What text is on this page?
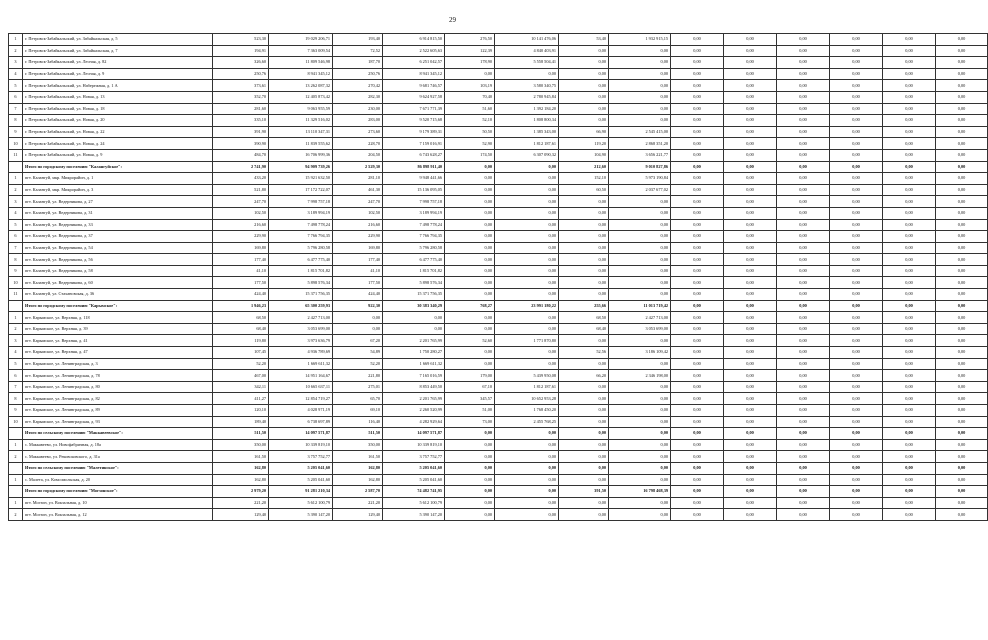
29
1	г. Петровск-Забайкальский, ул. Забайкальская, д. 5	523,30	19 029 206,71	193,40	6 914 815,50	276,50	10 141 476,06	53,40	1 932 915,15	0,00	0,00	0,00	0,00	0,00	0,00
2	г. Петровск-Забайкальский, ул. Забайкальская, д. 7	194,91	7 363 009,54	72,52	2 522 605,63	122,39	4 840 403,91	0,00	0,00	0,00	0,00	0,00	0,00	0,00	0,00
3	г. Петровск-Забайкальский, ул. Лесная, д. 82	326,60	11 809 546,98	187,70	6 251 042,57	178,90	5 558 504,41	0,00	0,00	0,00	0,00	0,00	0,00	0,00	0,00
4	г. Петровск-Забайкальский, ул. Лесная, д. 9	250,76	8 941 345,12	250,76	8 941 345,12	0,00	0,00	0,00	0,00	0,00	0,00	0,00	0,00	0,00	0,00
5	г. Петровск-Забайкальский, ул. Набережная, д. 1 А	373,61	13 262 087,32	270,42	9 681 746,57	103,19	3 580 340,75	0,00	0,00	0,00	0,00	0,00	0,00	0,00	0,00
6	г. Петровск-Забайкальский, ул. Новая, д. 13	352,70	12 405 873,42	282,30	9 624 927,58	70,40	2 780 945,84	0,00	0,00	0,00	0,00	0,00	0,00	0,00	0,00
7	г. Петровск-Забайкальский, ул. Новая, д. 18	281,60	9 063 955,59	230,00	7 671 771,39	51,60	1 392 184,20	0,00	0,00	0,00	0,00	0,00	0,00	0,00	0,00
8	г. Петровск-Забайкальский, ул. Новая, д. 20	335,10	11 329 516,02	283,00	9 520 715,68	52,10	1 808 800,34	0,00	0,00	0,00	0,00	0,00	0,00	0,00	0,00
9	г. Петровск-Забайкальский, ул. Новая, д. 22	391,90	13 110 347,31	273,60	9 179 389,31	50,50	1 385 343,00	66,90	2 545 415,00	0,00	0,00	0,00	0,00	0,00	0,00
10	г. Петровск-Забайкальский, ул. Новая, д. 24	390,90	11 839 555,62	228,70	7 159 016,91	52,90	1 812 187,61	119,20	2 868 351,20	0,00	0,00	0,00	0,00	0,00	0,00
11	г. Петровск-Забайкальский, ул. Новая, д. 9	484,70	16 706 999,36	204,50	6 743 628,27	174,50	6 307 090,32	104,90	3 656 221,77	0,00	0,00	0,00	0,00	0,00	0,00
	Итого по городскому поселению "Калангуйское":	2 741,90	94 909 739,26	2 529,30	86 898 911,40	0,00	0,00	212,60	9 010 827,86	0,00	0,00	0,00	0,00	0,00	0,00
1	пгт. Калангуй, мкр. Микрорайон, д. 1	433,20	15 921 632,50	281,10	9 948 441,66	0,00	0,00	152,10	5 973 190,84	0,00	0,00	0,00	0,00	0,00	0,00
2	пгт. Калангуй, мкр. Микрорайон, д. 3	521,80	17 172 722,07	461,30	15 136 095,05	0,00	0,00	60,50	2 037 677,02	0,00	0,00	0,00	0,00	0,00	0,00
3	пгт. Калангуй, ул. Ведерникова, д. 27	247,70	7 998 757,18	247,70	7 998 757,18	0,00	0,00	0,00	0,00	0,00	0,00	0,00	0,00	0,00	0,00
4	пгт. Калангуй, ул. Ведерникова, д. 31	102,50	3 189 994,19	102,50	3 189 994,19	0,00	0,00	0,00	0,00	0,00	0,00	0,00	0,00	0,00	0,00
5	пгт. Калангуй, ул. Ведерникова, д. 33	216,60	7 498 778,24	216,60	7 498 778,24	0,00	0,00	0,00	0,00	0,00	0,00	0,00	0,00	0,00	0,00
6	пгт. Калангуй, ул. Ведерникова, д. 37	229,90	7 766 794,35	229,90	7 766 794,35	0,00	0,00	0,00	0,00	0,00	0,00	0,00	0,00	0,00	0,00
7	пгт. Калангуй, ул. Ведерникова, д. 54	169,80	5 796 280,58	169,80	5 796 280,58	0,00	0,00	0,00	0,00	0,00	0,00	0,00	0,00	0,00	0,00
8	пгт. Калангуй, ул. Ведерникова, д. 56	177,40	6 477 775,40	177,40	6 477 775,40	0,00	0,00	0,00	0,00	0,00	0,00	0,00	0,00	0,00	0,00
9	пгт. Калангуй, ул. Ведерникова, д. 58	41,10	1 815 701,82	41,10	1 815 701,82	0,00	0,00	0,00	0,00	0,00	0,00	0,00	0,00	0,00	0,00
10	пгт. Калангуй, ул. Ведерникова, д. 60	177,50	5 898 576,34	177,50	5 898 576,34	0,00	0,00	0,00	0,00	0,00	0,00	0,00	0,00	0,00	0,00
11	пгт. Калангуй, ул. Стахановская, д. 36	424,40	15 371 756,35	424,40	15 371 756,35	0,00	0,00	0,00	0,00	0,00	0,00	0,00	0,00	0,00	0,00
	Итого по городскому поселению "Карымское":	1 946,23	65 300 259,93	922,30	30 383 340,29	768,27	23 991 180,22	255,66	11 013 719,42	0,00	0,00	0,00	0,00	0,00	0,00
1	пгт. Карымское, ул. Верхняя, д. 118	68,50	2 427 713,00	0,00	0,00	0,00	0,00	68,50	2 427 713,00	0,00	0,00	0,00	0,00	0,00	0,00
2	пгт. Карымское, ул. Верхняя, д. 39	68,40	3 053 699,00	0,00	0,00	0,00	0,00	68,40	3 053 699,00	0,00	0,00	0,00	0,00	0,00	0,00
3	пгт. Карымское, ул. Верхняя, д. 41	119,80	3 973 636,79	67,20	2 201 765,99	52,60	1 771 870,80	0,00	0,00	0,00	0,00	0,00	0,00	0,00	0,00
4	пгт. Карымское, ул. Верхняя, д. 47	107,45	4 936 789,69	54,89	1 750 280,27	0,00	0,00	52,56	3 186 109,42	0,00	0,00	0,00	0,00	0,00	0,00
5	пгт. Карымское, ул. Ленинградская, д. 3	52,20	1 669 611,32	52,20	1 669 611,32	0,00	0,00	0,00	0,00	0,00	0,00	0,00	0,00	0,00	0,00
6	пгт. Карымское, ул. Ленинградская, д. 78	467,00	14 951 164,67	221,80	7 165 016,59	179,00	5 439 950,08	66,20	2 346 198,00	0,00	0,00	0,00	0,00	0,00	0,00
7	пгт. Карымское, ул. Ленинградская, д. 80	342,11	10 665 637,11	275,01	8 853 449,50	67,10	1 812 187,61	0,00	0,00	0,00	0,00	0,00	0,00	0,00	0,00
8	пгт. Карымское, ул. Ленинградская, д. 82	411,27	12 854 719,27	65,70	2 201 765,99	345,57	10 652 953,28	0,00	0,00	0,00	0,00	0,00	0,00	0,00	0,00
9	пгт. Карымское, ул. Ленинградская, д. 89	120,10	4 028 971,19	69,10	2 260 520,99	51,00	1 768 450,20	0,00	0,00	0,00	0,00	0,00	0,00	0,00	0,00
10	пгт. Карымское, ул. Ленинградская, д. 93	189,40	6 738 697,89	116,40	4 282 929,64	73,00	2 455 768,25	0,00	0,00	0,00	0,00	0,00	0,00	0,00	0,00
	Итого по сельскому поселению "Маккавеевское":	511,50	14 097 571,87	511,50	14 097 571,87	0,00	0,00	0,00	0,00	0,00	0,00	0,00	0,00	0,00	0,00
1	с. Маккавеево, ул. Новофабричная, д. 18а	350,00	10 339 819,10	350,00	10 339 819,10	0,00	0,00	0,00	0,00	0,00	0,00	0,00	0,00	0,00	0,00
2	с. Маккавеево, ул. Рековсковского, д. 31а	161,50	3 757 752,77	161,50	3 757 752,77	0,00	0,00	0,00	0,00	0,00	0,00	0,00	0,00	0,00	0,00
	Итого по сельскому поселению "Малетинское":	162,80	5 205 041,60	162,80	5 205 041,60	0,00	0,00	0,00	0,00	0,00	0,00	0,00	0,00	0,00	0,00
1	с. Малета, ул. Комсомольская, д. 20	162,80	5 205 041,60	162,80	5 205 041,60	0,00	0,00	0,00	0,00	0,00	0,00	0,00	0,00	0,00	0,00
	Итого по городскому поселению "Могзонское":	2 979,20	91 281 210,34	2 587,70	74 482 741,95	0,00	0,00	391,50	16 798 468,39	0,00	0,00	0,00	0,00	0,00	0,00
1	пгт. Могзон, ул. Вокзальная, д. 10	221,20	5 612 100,79	221,20	5 612 100,79	0,00	0,00	0,00	0,00	0,00	0,00	0,00	0,00	0,00	0,00
2	пгт. Могзон, ул. Вокзальная, д. 12	129,40	5 390 147,20	129,40	5 390 147,20	0,00	0,00	0,00	0,00	0,00	0,00	0,00	0,00	0,00	0,00
